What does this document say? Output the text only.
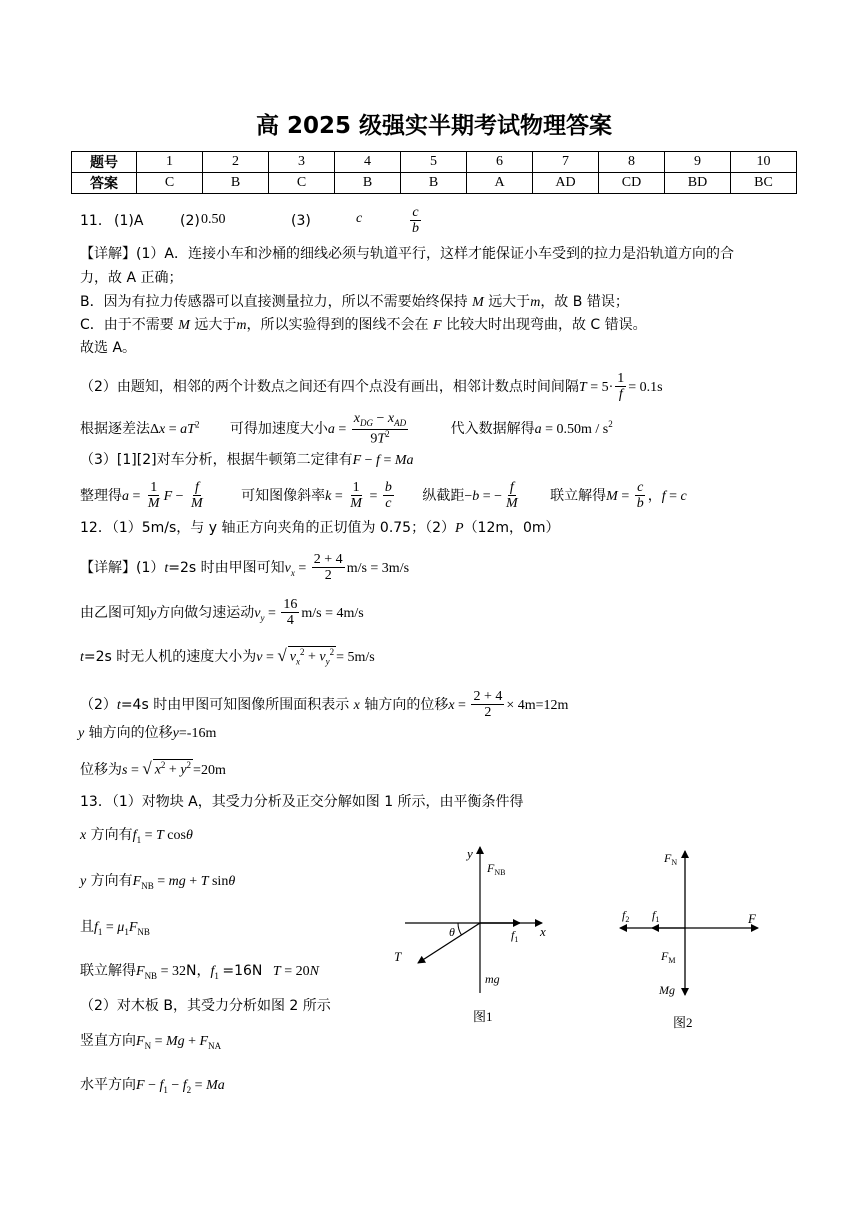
高 2025 级强实半期考试物理答案
题号	1	2	3	4	5	6	7	8	9	10
答案	C	B	C	B	B	A	AD	CD	BD	BC
11． (1)A	(2) 0.50	(3)	c	$\frac{c}{b}$
【详解】(1）A．连接小车和沙桶的细线必须与轨道平行，这样才能保证小车受到的拉力是沿轨道方向的合
力，故 A 正确；
B．因为有拉力传感器可以直接测量拉力，所以不需要始终保持 M 远大于m，故 B 错误；
C．由于不需要 M 远大于m，所以实验得到的图线不会在 F 比较大时出现弯曲，故 C 错误。
故选 A。
（2）由题知，相邻的两个计数点之间还有四个点没有画出，相邻计数点时间间隔$T = 5\cdot \frac{1}{f} = 0.1s$
根据逐差法$\Delta x = aT^2$ 可得加速度大小$a = \frac{x_{DG} - x_{AD}}{9T^2}$	代入数据解得$a = 0.50m / s^2$
（3）[1][2]对车分析，根据牛顿第二定律有F − f = Ma
整理得$a = \frac{1}{M}$ $F - \frac{f}{M}$	可知图像斜率$k = \frac{1}{M} = \frac{b}{c}$ 纵截距−b = − $\frac{f}{M}$ 联立解得$M = \frac{c}{b}$ ，f = c
12．（1）5m/s，与 y 轴正方向夹角的正切值为 0.75；（2）P（12m，0m）
【详解】(1）t=2s 时由甲图可知$v_x = \frac{2 + 4}{2} m/s = 3m/s$
由乙图可知y方向做匀速运动$v_y = \frac{16}{4} m/s = 4m/s$
t=2s 时无人机的速度大小为v = √ $v_x^2 + v_y^2 = 5m/s$
（2）t=4s 时由甲图可知图像所围面积表示 x 轴方向的位移$x = \frac{2 + 4}{2} \times 4m=12m$
y 轴方向的位移y=-16m
位移为s = √ $x^2 + y^2 =20m$
13．（1）对物块 A，其受力分析及正交分解如图 1 所示，由平衡条件得
x 方向有$f_1 = T$ cosθ
y 方向有$F_{NB}$ = mg + T sinθ
且$f_1 = \mu_1F_{NB}$
联立解得$F_{NB} = 32N$，$f_1 =16N$ T = 20N
（2）对木板 B，其受力分析如图 2 所示
竖直方向$F_N = Mg + F_{NA}$
水平方向$F - f_1 - f_2 = Ma$
T
θ
y
x
$F_{NB}$
$f_1$
mg
图1
$F_N$
$f_2$ $f_1$	F
$F_M$
Mg
图2
